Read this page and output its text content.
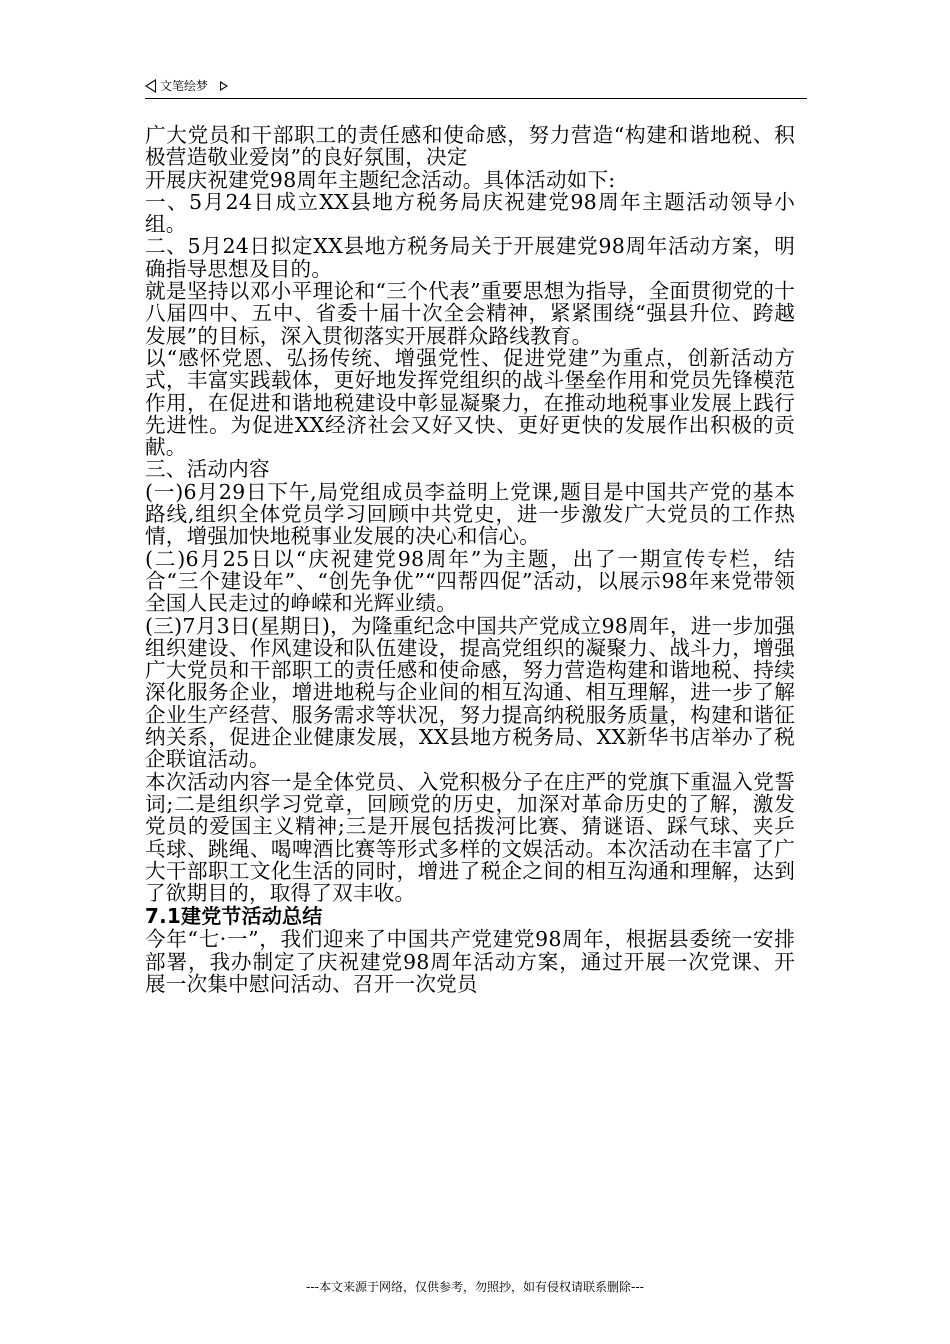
文笔绘梦

广大党员和干部职工的责任感和使命感，努力营造“构建和谐地税、积极营造敬业爱岗”的良好氛围，决定

开展庆祝建党98周年主题纪念活动。具体活动如下:

一、5月24日成立XX县地方税务局庆祝建党98周年主题活动领导小组。

二、5月24日拟定XX县地方税务局关于开展建党98周年活动方案，明确指导思想及目的。

就是坚持以邓小平理论和“三个代表”重要思想为指导，全面贯彻党的十八届四中、五中、省委十届十次全会精神，紧紧围绕“强县升位、跨越发展”的目标，深入贯彻落实开展群众路线教育。

以“感怀党恩、弘扬传统、增强党性、促进党建”为重点，创新活动方式，丰富实践载体，更好地发挥党组织的战斗堡垒作用和党员先锋模范作用，在促进和谐地税建设中彰显凝聚力，在推动地税事业发展上践行先进性。为促进XX经济社会又好又快、更好更快的发展作出积极的贡献。

三、活动内容

(一)6月29日下午,局党组成员李益明上党课,题目是中国共产党的基本路线,组织全体党员学习回顾中共党史，进一步激发广大党员的工作热情，增强加快地税事业发展的决心和信心。

(二)6月25日以“庆祝建党98周年”为主题，出了一期宣传专栏，结合“三个建设年”、“创先争优”“四帮四促”活动，以展示98年来党带领全国人民走过的峥嵘和光辉业绩。

(三)7月3日(星期日)，为隆重纪念中国共产党成立98周年，进一步加强组织建设、作风建设和队伍建设，提高党组织的凝聚力、战斗力，增强广大党员和干部职工的责任感和使命感，努力营造构建和谐地税、持续深化服务企业，增进地税与企业间的相互沟通、相互理解，进一步了解企业生产经营、服务需求等状况，努力提高纳税服务质量，构建和谐征纳关系，促进企业健康发展，XX县地方税务局、XX新华书店举办了税企联谊活动。

本次活动内容一是全体党员、入党积极分子在庄严的党旗下重温入党誓词;二是组织学习党章，回顾党的历史，加深对革命历史的了解，激发党员的爱国主义精神;三是开展包括拨河比赛、猜谜语、踩气球、夹乒乓球、跳绳、喝啤酒比赛等形式多样的文娱活动。本次活动在丰富了广大干部职工文化生活的同时，增进了税企之间的相互沟通和理解，达到了欲期目的，取得了双丰收。

7.1建党节活动总结

今年“七·一”，我们迎来了中国共产党建党98周年，根据县委统一安排部署，我办制定了庆祝建党98周年活动方案，通过开展一次党课、开展一次集中慰问活动、召开一次党员

---本文来源于网络，仅供参考，勿照抄，如有侵权请联系删除---
